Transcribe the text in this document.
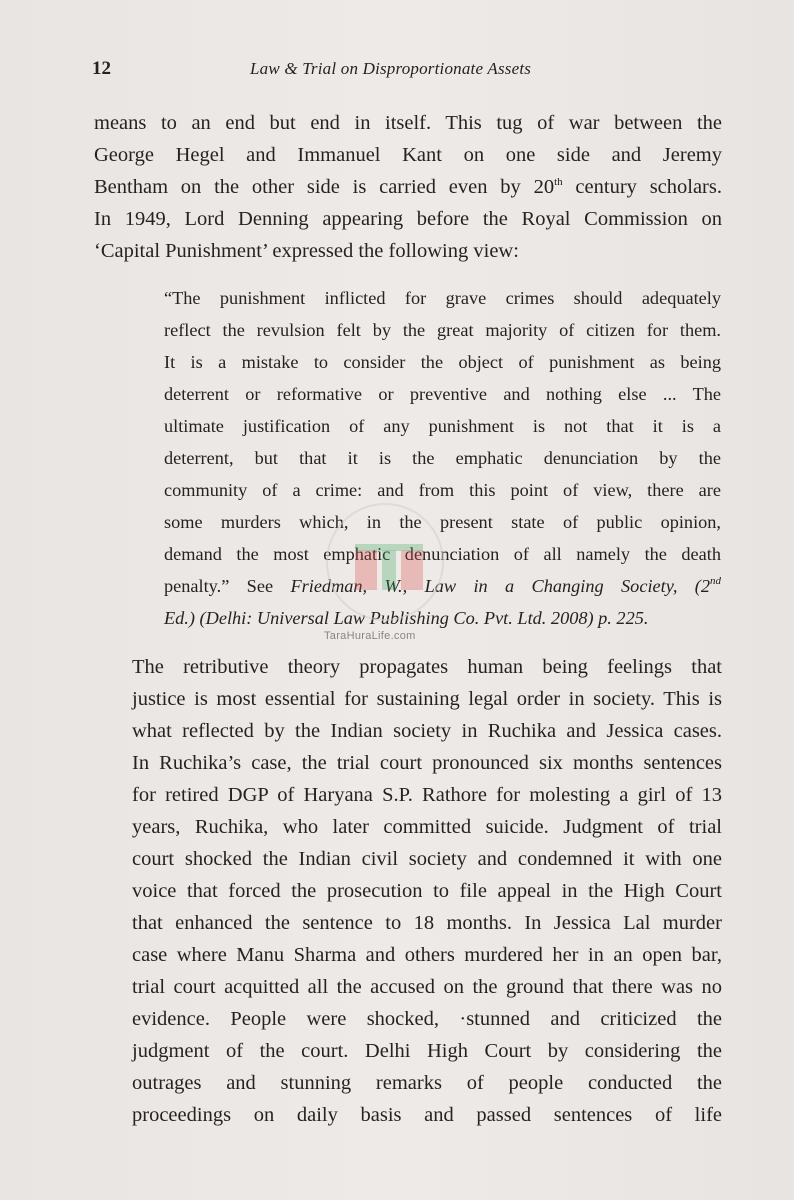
12	Law & Trial on Disproportionate Assets
means to an end but end in itself. This tug of war between the
George Hegel and Immanuel Kant on one side and Jeremy
Bentham on the other side is carried even by 20th century scholars.
In 1949, Lord Denning appearing before the Royal Commission on
‘Capital Punishment’ expressed the following view:
“The punishment inflicted for grave crimes should adequately
reflect the revulsion felt by the great majority of citizen for them.
It is a mistake to consider the object of punishment as being
deterrent or reformative or preventive and nothing else ... The
ultimate justification of any punishment is not that it is a
deterrent, but that it is the emphatic denunciation by the
community of a crime: and from this point of view, there are
some murders which, in the present state of public opinion,
demand the most emphatic denunciation of all namely the death
penalty.” See Friedman, W., Law in a Changing Society, (2nd
Ed.) (Delhi: Universal Law Publishing Co. Pvt. Ltd. 2008) p. 225.
The retributive theory propagates human being feelings that
justice is most essential for sustaining legal order in society. This is
what reflected by the Indian society in Ruchika and Jessica cases.
In Ruchika’s case, the trial court pronounced six months sentences
for retired DGP of Haryana S.P. Rathore for molesting a girl of 13
years, Ruchika, who later committed suicide. Judgment of trial
court shocked the Indian civil society and condemned it with one
voice that forced the prosecution to file appeal in the High Court
that enhanced the sentence to 18 months. In Jessica Lal murder
case where Manu Sharma and others murdered her in an open bar,
trial court acquitted all the accused on the ground that there was no
evidence. People were shocked, ·stunned and criticized the
judgment of the court. Delhi High Court by considering the
outrages and stunning remarks of people conducted the
proceedings on daily basis and passed sentences of life
TaraHuraLife.com
